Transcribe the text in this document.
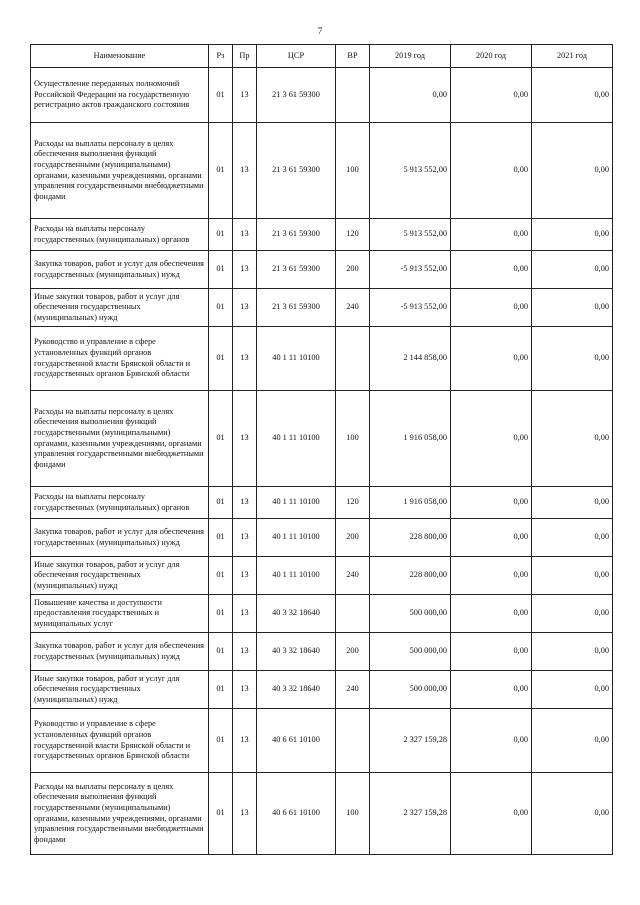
7
Наименование	Рз	Пр	ЦСР	ВР	2019 год	2020 год	2021 год
Осуществление переданных полномочий Российской Федерации на государственную регистрацию актов гражданского состояния	01	13	21 3 61 59300		0,00	0,00	0,00
Расходы на выплаты персоналу в целях обеспечения выполнения функций государственными (муниципальными) органами, казенными учреждениями, органами управления государственными внебюджетными фондами	01	13	21 3 61 59300	100	5 913 552,00	0,00	0,00
Расходы на выплаты персоналу государственных (муниципальных) органов	01	13	21 3 61 59300	120	5 913 552,00	0,00	0,00
Закупка товаров, работ и услуг для обеспечения государственных (муниципальных) нужд	01	13	21 3 61 59300	200	-5 913 552,00	0,00	0,00
Иные закупки товаров, работ и услуг для обеспечения государственных (муниципальных) нужд	01	13	21 3 61 59300	240	-5 913 552,00	0,00	0,00
Руководство и управление в сфере установленных функций органов государственной власти Брянской области и государственных органов Брянской области	01	13	40 1 11 10100		2 144 858,00	0,00	0,00
Расходы на выплаты персоналу в целях обеспечения выполнения функций государственными (муниципальными) органами, казенными учреждениями, органами управления государственными внебюджетными фондами	01	13	40 1 11 10100	100	1 916 058,00	0,00	0,00
Расходы на выплаты персоналу государственных (муниципальных) органов	01	13	40 1 11 10100	120	1 916 058,00	0,00	0,00
Закупка товаров, работ и услуг для обеспечения государственных (муниципальных) нужд	01	13	40 1 11 10100	200	228 800,00	0,00	0,00
Иные закупки товаров, работ и услуг для обеспечения государственных (муниципальных) нужд	01	13	40 1 11 10100	240	228 800,00	0,00	0,00
Повышение качества и доступности предоставления государственных и муниципальных услуг	01	13	40 3 32 18640		500 000,00	0,00	0,00
Закупка товаров, работ и услуг для обеспечения государственных (муниципальных) нужд	01	13	40 3 32 18640	200	500 000,00	0,00	0,00
Иные закупки товаров, работ и услуг для обеспечения государственных (муниципальных) нужд	01	13	40 3 32 18640	240	500 000,00	0,00	0,00
Руководство и управление в сфере установленных функций органов государственной власти Брянской области и государственных органов Брянской области	01	13	40 6 61 10100		2 327 159,28	0,00	0,00
Расходы на выплаты персоналу в целях обеспечения выполнения функций государственными (муниципальными) органами, казенными учреждениями, органами управления государственными внебюджетными фондами	01	13	40 6 61 10100	100	2 327 159,28	0,00	0,00
